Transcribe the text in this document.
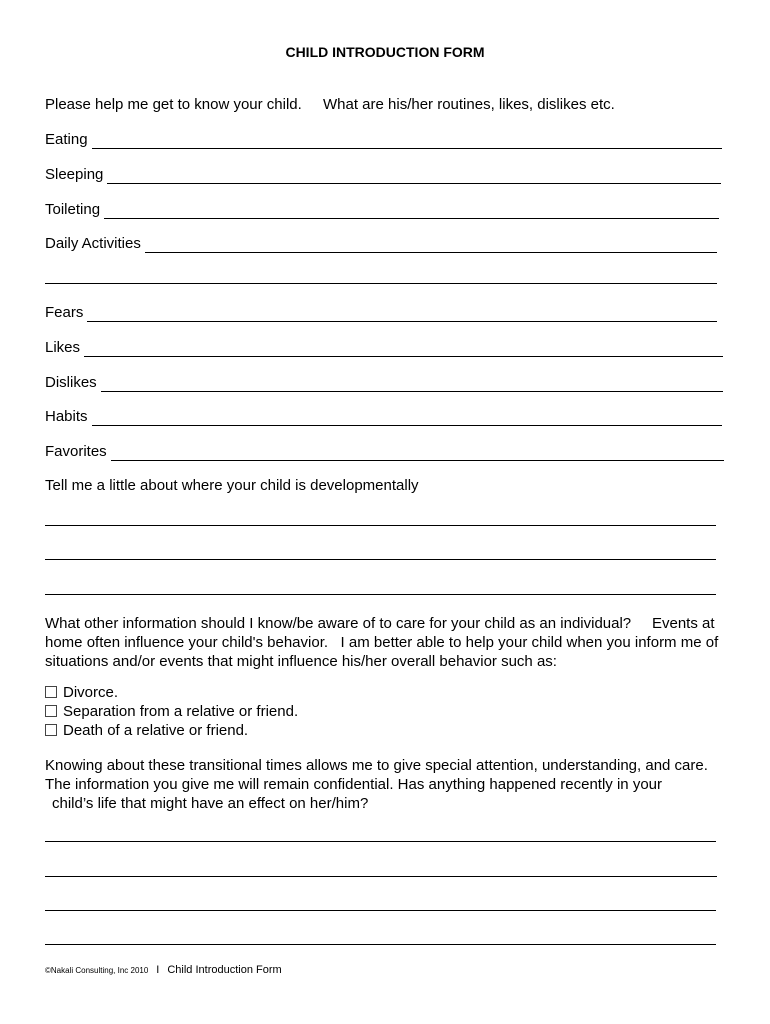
CHILD INTRODUCTION FORM
Please help me get to know your child. What are his/her routines, likes, dislikes etc.
Eating
Sleeping
Toileting
Daily Activities
Fears
Likes
Dislikes
Habits
Favorites
Tell me a little about where your child is developmentally
What other information should I know/be aware of to care for your child as an individual?     Events at
home often influence your child's behavior.   I am better able to help your child when you inform me of
situations and/or events that might influence his/her overall behavior such as:
Divorce.
Separation from a relative or friend.
Death of a relative or friend.
Knowing about these transitional times allows me to give special attention, understanding, and care.
The information you give me will remain confidential. Has anything happened recently in your
child’s life that might have an effect on her/him?
©Nakali Consulting, Inc 2010 I Child Introduction Form
